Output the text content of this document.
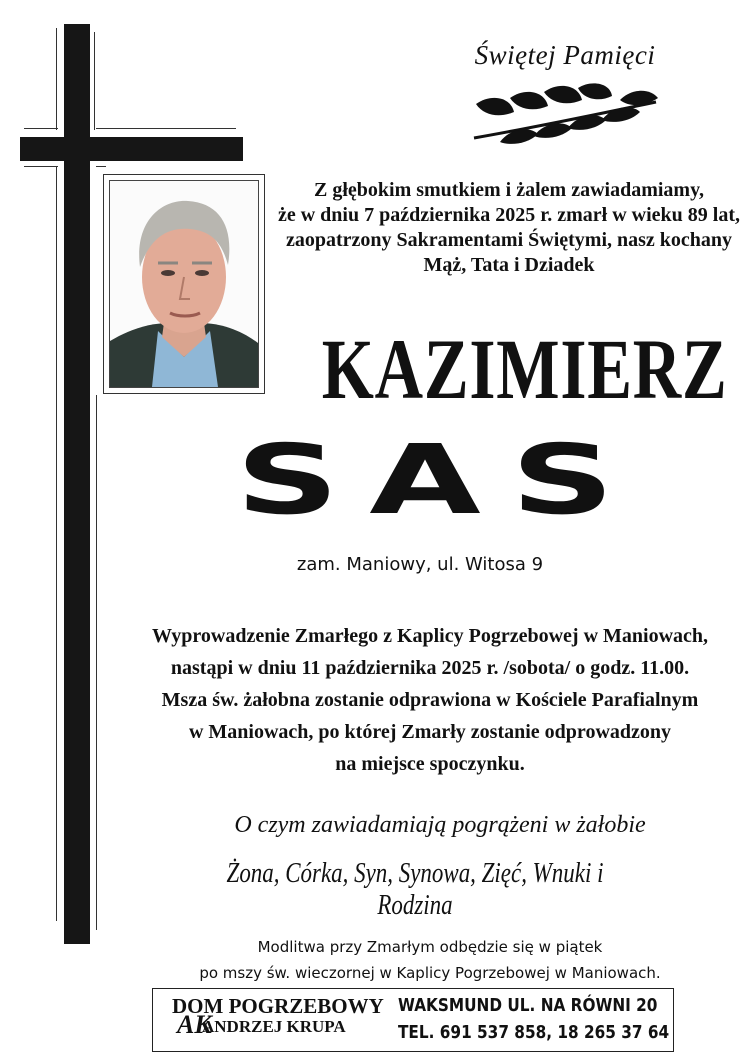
Świętej Pamięci
Z głębokim smutkiem i żalem zawiadamiamy,
że w dniu 7 października 2025 r. zmarł w wieku 89 lat,
zaopatrzony Sakramentami Świętymi, nasz kochany
Mąż, Tata i Dziadek
KAZIMIERZ
SAS
zam. Maniowy, ul. Witosa 9
Wyprowadzenie Zmarłego z Kaplicy Pogrzebowej w Maniowach,
nastąpi w dniu 11 października 2025 r. /sobota/ o godz. 11.00.
Msza św. żałobna zostanie odprawiona w Kościele Parafialnym
w Maniowach, po której Zmarły zostanie odprowadzony
na miejsce spoczynku.
O czym zawiadamiają pogrążeni w żałobie
Żona, Córka, Syn, Synowa, Zięć, Wnuki i Rodzina
Modlitwa przy Zmarłym odbędzie się w piątek
po mszy św. wieczornej w Kaplicy Pogrzebowej w Maniowach.
DOM POGRZEBOWY
AK
ANDRZEJ KRUPA
WAKSMUND UL. NA RÓWNI 20
TEL. 691 537 858, 18 265 37 64
